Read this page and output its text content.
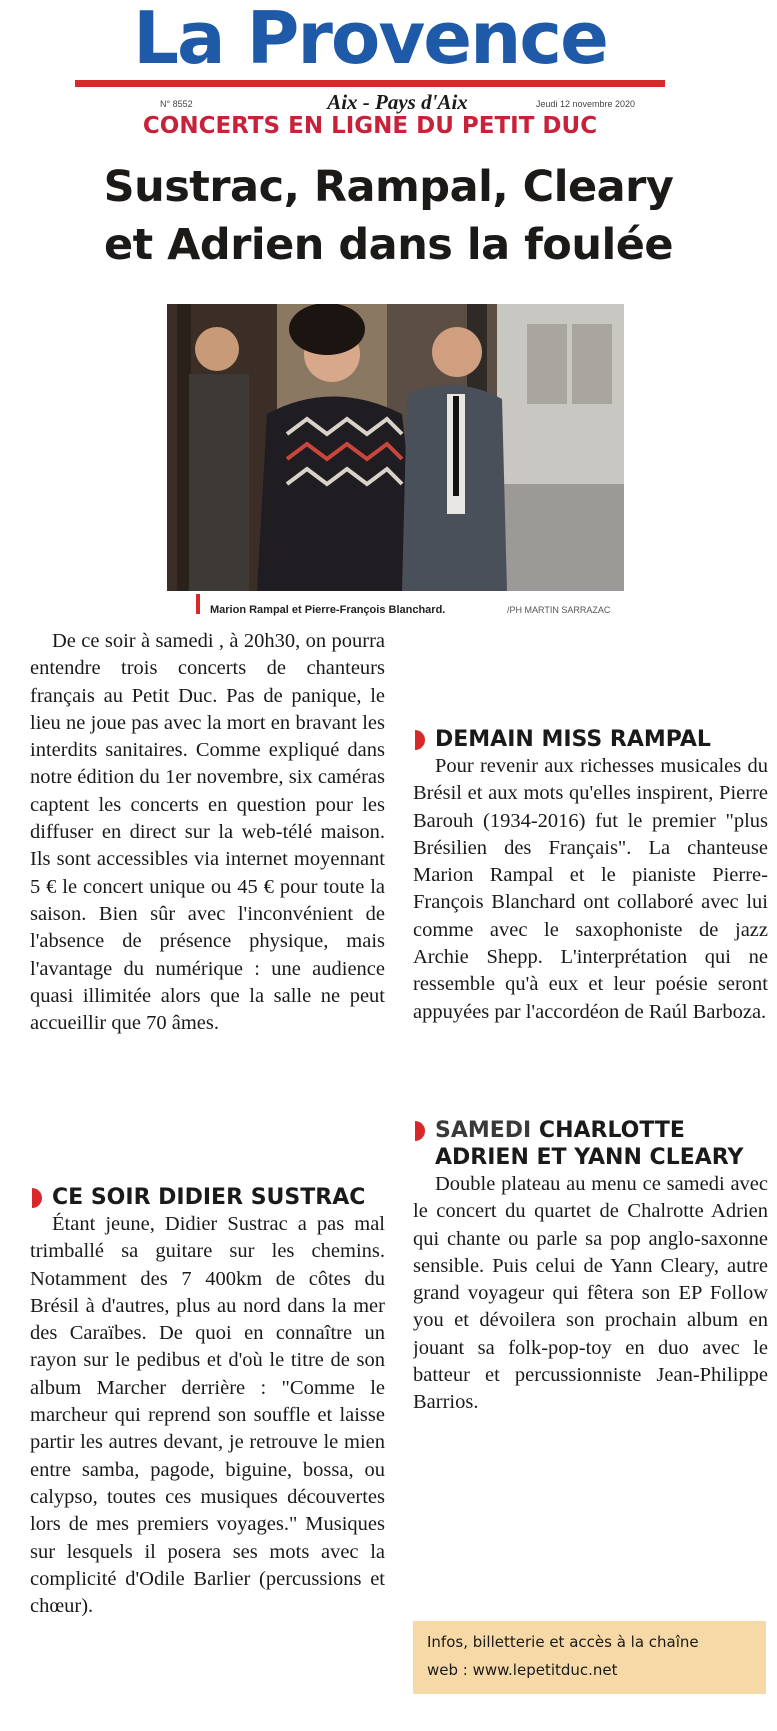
La Provence
N° 8552	Aix - Pays d'Aix	Jeudi 12 novembre 2020
CONCERTS EN LIGNE DU PETIT DUC
Sustrac, Rampal, Cleary
et Adrien dans la foulée
Marion Rampal et Pierre-François Blanchard.	/PH MARTIN SARRAZAC

De ce soir à samedi , à 20h30, on pourra entendre trois concerts de chanteurs français au Petit Duc. Pas de panique, le lieu ne joue pas avec la mort en bravant les interdits sanitaires. Comme expliqué dans notre édition du 1er novembre, six caméras captent les concerts en question pour les diffuser en direct sur la web-télé maison. Ils sont accessibles via internet moyennant 5 € le concert unique ou 45 € pour toute la saison. Bien sûr avec l'inconvénient de l'absence de présence physique, mais l'avantage du numérique : une audience quasi illimitée alors que la salle ne peut accueillir que 70 âmes.

CE SOIR DIDIER SUSTRAC

Étant jeune, Didier Sustrac a pas mal trimballé sa guitare sur les chemins. Notamment des 7 400km de côtes du Brésil à d'autres, plus au nord dans la mer des Caraïbes. De quoi en connaître un rayon sur le pedibus et d'où le titre de son album Marcher derrière : "Comme le marcheur qui reprend son souffle et laisse partir les autres devant, je retrouve le mien entre samba, pagode, biguine, bossa, ou calypso, toutes ces musiques découvertes lors de mes premiers voyages." Musiques sur lesquels il posera ses mots avec la complicité d'Odile Barlier (percussions et chœur).

DEMAIN MISS RAMPAL

Pour revenir aux richesses musicales du Brésil et aux mots qu'elles inspirent, Pierre Barouh (1934-2016) fut le premier "plus Brésilien des Français". La chanteuse Marion Rampal et le pianiste Pierre-François Blanchard ont collaboré avec lui comme avec le saxophoniste de jazz Archie Shepp. L'interprétation qui ne ressemble qu'à eux et leur poésie seront appuyées par l'accordéon de Raúl Barboza.

SAMEDI CHARLOTTE
ADRIEN ET YANN CLEARY

Double plateau au menu ce samedi avec le concert du quartet de Chalrotte Adrien qui chante ou parle sa pop anglo-saxonne sensible. Puis celui de Yann Cleary, autre grand voyageur qui fêtera son EP Follow you et dévoilera son prochain album en jouant sa folk-pop-toy en duo avec le batteur et percussionniste Jean-Philippe Barrios.

Infos, billetterie et accès à la chaîne
web : www.lepetitduc.net
